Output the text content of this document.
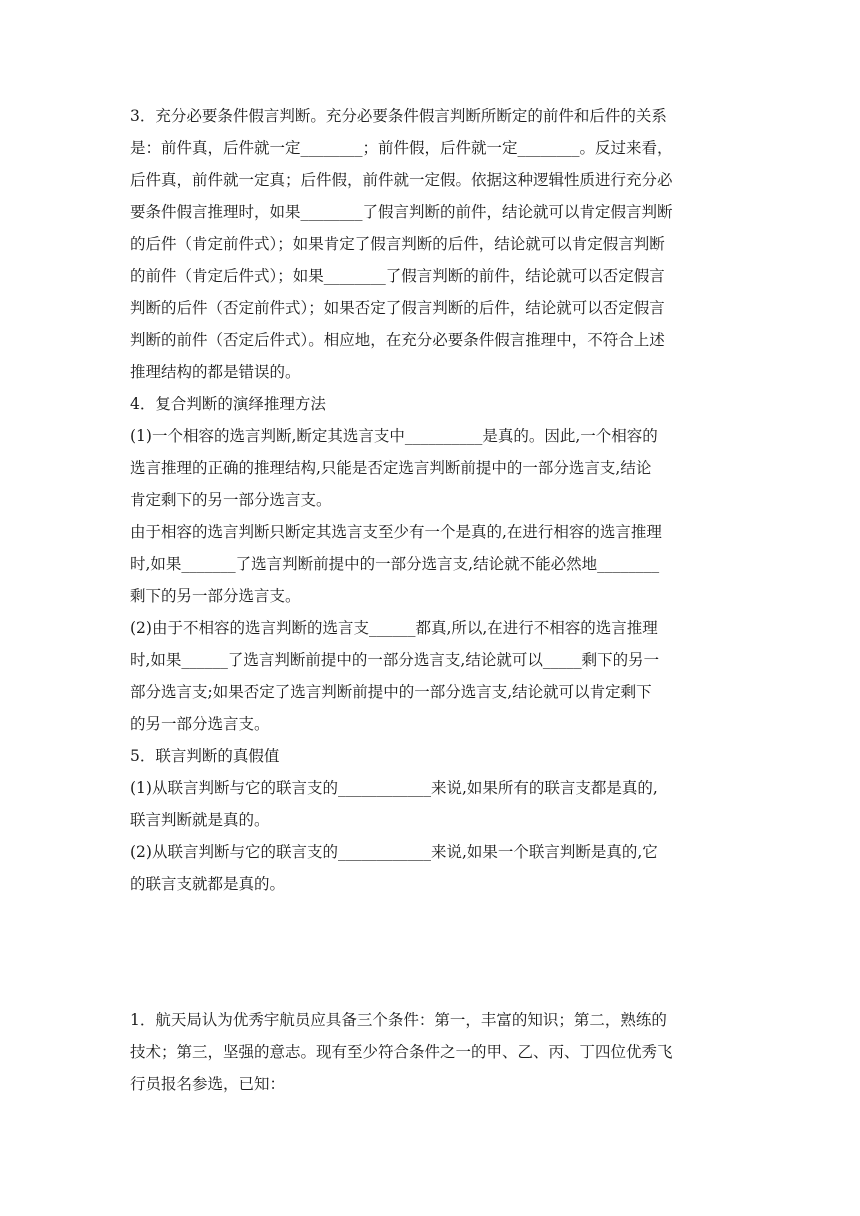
3．充分必要条件假言判断。充分必要条件假言判断所断定的前件和后件的关系
是：前件真，后件就一定________；前件假，后件就一定________。反过来看，
后件真，前件就一定真；后件假，前件就一定假。依据这种逻辑性质进行充分必
要条件假言推理时，如果________了假言判断的前件，结论就可以肯定假言判断
的后件（肯定前件式）；如果肯定了假言判断的后件，结论就可以肯定假言判断
的前件（肯定后件式）；如果________了假言判断的前件，结论就可以否定假言
判断的后件（否定前件式）；如果否定了假言判断的后件，结论就可以否定假言
判断的前件（否定后件式）。相应地，在充分必要条件假言推理中，不符合上述
推理结构的都是错误的。
4．复合判断的演绎推理方法
(1)一个相容的选言判断,断定其选言支中__________是真的。因此,一个相容的
选言推理的正确的推理结构,只能是否定选言判断前提中的一部分选言支,结论
肯定剩下的另一部分选言支。
由于相容的选言判断只断定其选言支至少有一个是真的,在进行相容的选言推理
时,如果_______了选言判断前提中的一部分选言支,结论就不能必然地________
剩下的另一部分选言支。
(2)由于不相容的选言判断的选言支______都真,所以,在进行不相容的选言推理
时,如果______了选言判断前提中的一部分选言支,结论就可以_____剩下的另一
部分选言支;如果否定了选言判断前提中的一部分选言支,结论就可以肯定剩下
的另一部分选言支。
5．联言判断的真假值
(1)从联言判断与它的联言支的____________来说,如果所有的联言支都是真的,
联言判断就是真的。
(2)从联言判断与它的联言支的____________来说,如果一个联言判断是真的,它
的联言支就都是真的。
1．航天局认为优秀宇航员应具备三个条件：第一，丰富的知识；第二，熟练的
技术；第三，坚强的意志。现有至少符合条件之一的甲、乙、丙、丁四位优秀飞
行员报名参选，已知：
